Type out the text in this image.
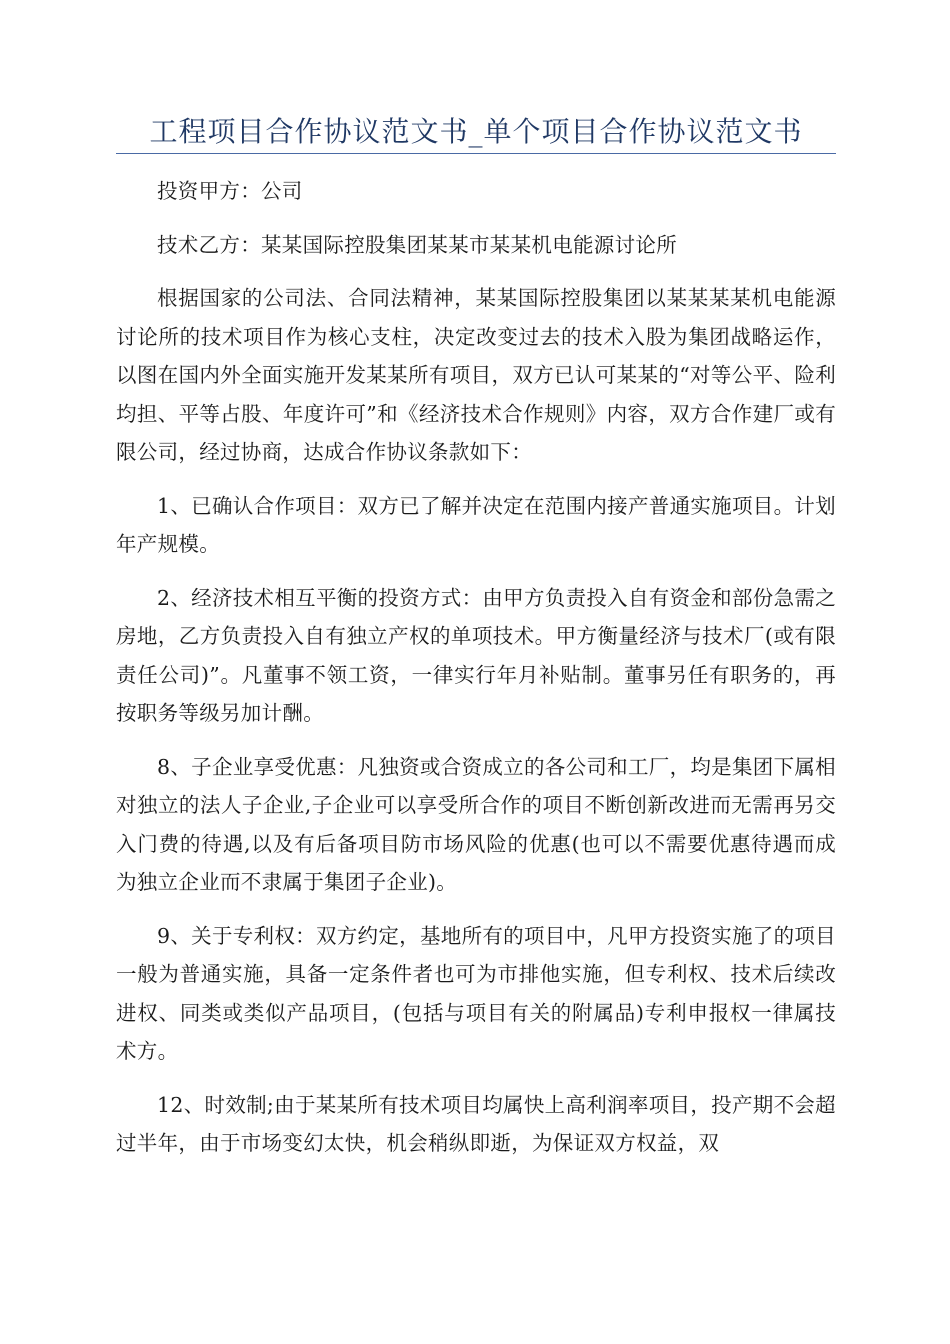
工程项目合作协议范文书_单个项目合作协议范文书

投资甲方：公司

技术乙方：某某国际控股集团某某市某某机电能源讨论所

根据国家的公司法、合同法精神，某某国际控股集团以某某某某机电能源讨论所的技术项目作为核心支柱，决定改变过去的技术入股为集团战略运作，以图在国内外全面实施开发某某所有项目，双方已认可某某的“对等公平、险利均担、平等占股、年度许可”和《经济技术合作规则》内容，双方合作建厂或有限公司，经过协商，达成合作协议条款如下：

1、已确认合作项目：双方已了解并决定在范围内接产普通实施项目。计划年产规模。

2、经济技术相互平衡的投资方式：由甲方负责投入自有资金和部份急需之房地，乙方负责投入自有独立产权的单项技术。甲方衡量经济与技术厂(或有限责任公司)”。凡董事不领工资，一律实行年月补贴制。董事另任有职务的，再按职务等级另加计酬。

8、子企业享受优惠：凡独资或合资成立的各公司和工厂，均是集团下属相对独立的法人子企业,子企业可以享受所合作的项目不断创新改进而无需再另交入门费的待遇,以及有后备项目防市场风险的优惠(也可以不需要优惠待遇而成为独立企业而不隶属于集团子企业)。

9、关于专利权：双方约定，基地所有的项目中，凡甲方投资实施了的项目一般为普通实施，具备一定条件者也可为市排他实施，但专利权、技术后续改进权、同类或类似产品项目，(包括与项目有关的附属品)专利申报权一律属技术方。

12、时效制;由于某某所有技术项目均属快上高利润率项目，投产期不会超过半年，由于市场变幻太快，机会稍纵即逝，为保证双方权益，双
